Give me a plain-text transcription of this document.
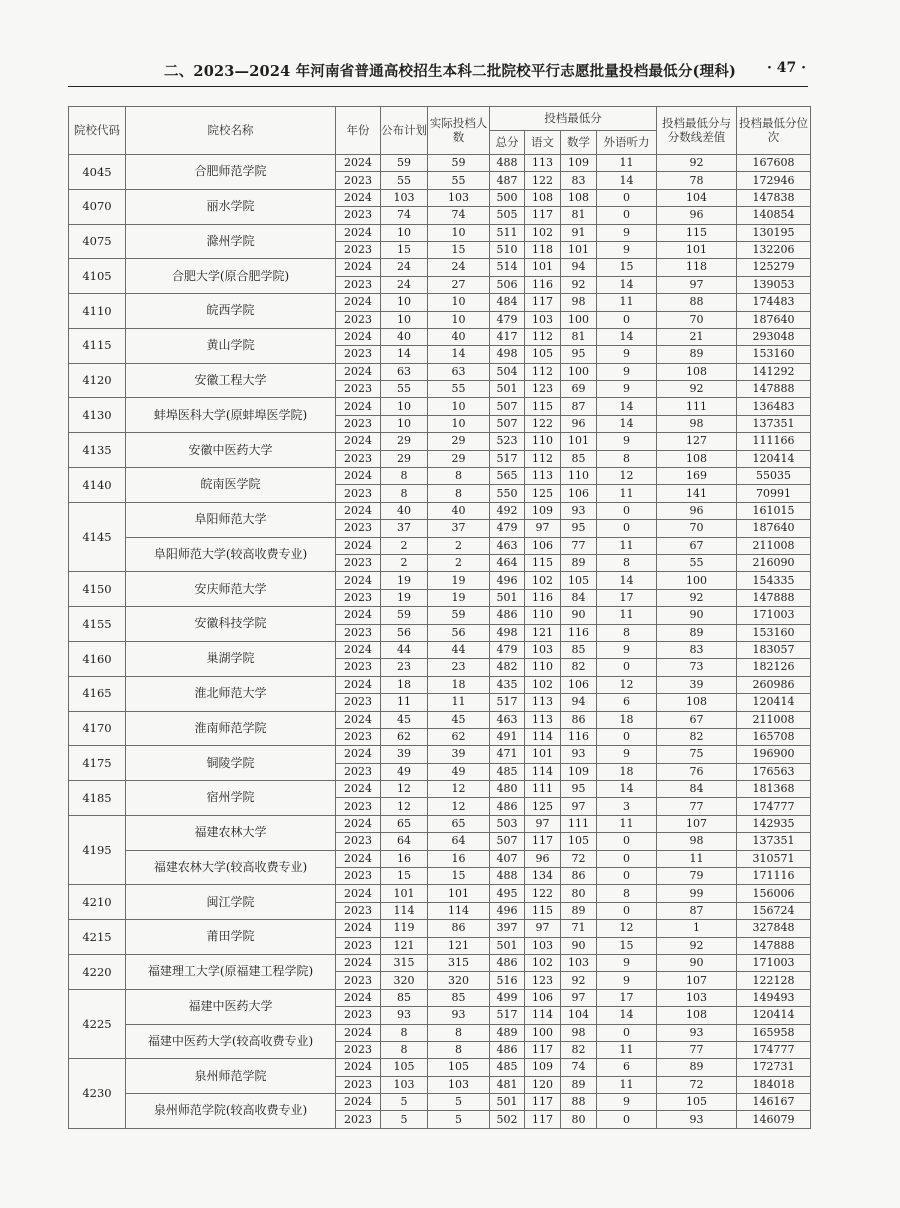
二、2023—2024 年河南省普通高校招生本科二批院校平行志愿批量投档最低分(理科) · 47 ·
院校代码	院校名称	年份	公布计划	实际投档人数	投档最低分				投档最低分与分数线差值	投档最低分位次
					总分	语文	数学	外语听力		
4045	合肥师范学院	2024	59	59	488	113	109	11	92	167608
		2023	55	55	487	122	83	14	78	172946
4070	丽水学院	2024	103	103	500	108	108	0	104	147838
		2023	74	74	505	117	81	0	96	140854
4075	滁州学院	2024	10	10	511	102	91	9	115	130195
		2023	15	15	510	118	101	9	101	132206
4105	合肥大学(原合肥学院)	2024	24	24	514	101	94	15	118	125279
		2023	24	27	506	116	92	14	97	139053
4110	皖西学院	2024	10	10	484	117	98	11	88	174483
		2023	10	10	479	103	100	0	70	187640
4115	黄山学院	2024	40	40	417	112	81	14	21	293048
		2023	14	14	498	105	95	9	89	153160
4120	安徽工程大学	2024	63	63	504	112	100	9	108	141292
		2023	55	55	501	123	69	9	92	147888
4130	蚌埠医科大学(原蚌埠医学院)	2024	10	10	507	115	87	14	111	136483
		2023	10	10	507	122	96	14	98	137351
4135	安徽中医药大学	2024	29	29	523	110	101	9	127	111166
		2023	29	29	517	112	85	8	108	120414
4140	皖南医学院	2024	8	8	565	113	110	12	169	55035
		2023	8	8	550	125	106	11	141	70991
4145	阜阳师范大学	2024	40	40	492	109	93	0	96	161015
		2023	37	37	479	97	95	0	70	187640
	阜阳师范大学(较高收费专业)	2024	2	2	463	106	77	11	67	211008
		2023	2	2	464	115	89	8	55	216090
4150	安庆师范大学	2024	19	19	496	102	105	14	100	154335
		2023	19	19	501	116	84	17	92	147888
4155	安徽科技学院	2024	59	59	486	110	90	11	90	171003
		2023	56	56	498	121	116	8	89	153160
4160	巢湖学院	2024	44	44	479	103	85	9	83	183057
		2023	23	23	482	110	82	0	73	182126
4165	淮北师范大学	2024	18	18	435	102	106	12	39	260986
		2023	11	11	517	113	94	6	108	120414
4170	淮南师范学院	2024	45	45	463	113	86	18	67	211008
		2023	62	62	491	114	116	0	82	165708
4175	铜陵学院	2024	39	39	471	101	93	9	75	196900
		2023	49	49	485	114	109	18	76	176563
4185	宿州学院	2024	12	12	480	111	95	14	84	181368
		2023	12	12	486	125	97	3	77	174777
4195	福建农林大学	2024	65	65	503	97	111	11	107	142935
		2023	64	64	507	117	105	0	98	137351
	福建农林大学(较高收费专业)	2024	16	16	407	96	72	0	11	310571
		2023	15	15	488	134	86	0	79	171116
4210	闽江学院	2024	101	101	495	122	80	8	99	156006
		2023	114	114	496	115	89	0	87	156724
4215	莆田学院	2024	119	86	397	97	71	12	1	327848
		2023	121	121	501	103	90	15	92	147888
4220	福建理工大学(原福建工程学院)	2024	315	315	486	102	103	9	90	171003
		2023	320	320	516	123	92	9	107	122128
4225	福建中医药大学	2024	85	85	499	106	97	17	103	149493
		2023	93	93	517	114	104	14	108	120414
	福建中医药大学(较高收费专业)	2024	8	8	489	100	98	0	93	165958
		2023	8	8	486	117	82	11	77	174777
4230	泉州师范学院	2024	105	105	485	109	74	6	89	172731
		2023	103	103	481	120	89	11	72	184018
	泉州师范学院(较高收费专业)	2024	5	5	501	117	88	9	105	146167
		2023	5	5	502	117	80	0	93	146079
